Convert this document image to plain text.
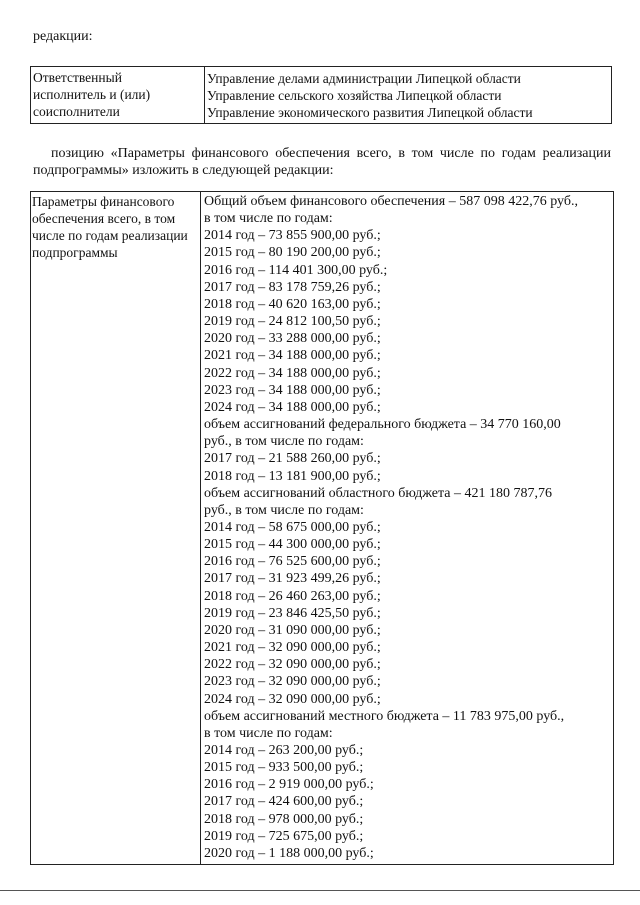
редакции:
Ответственный
исполнитель и (или)
соисполнители
Управление делами администрации Липецкой области
Управление сельского хозяйства Липецкой области
Управление экономического развития Липецкой области
позицию «Параметры финансового обеспечения всего, в том числе по годам реализации подпрограммы» изложить в следующей редакции:
Параметры финансового
обеспечения всего, в том
числе по годам реализации
подпрограммы
Общий объем финансового обеспечения – 587 098 422,76 руб.,
в том числе по годам:
2014 год – 73 855 900,00 руб.;
2015 год – 80 190 200,00 руб.;
2016 год – 114 401 300,00 руб.;
2017 год – 83 178 759,26 руб.;
2018 год – 40 620 163,00 руб.;
2019 год – 24 812 100,50 руб.;
2020 год – 33 288 000,00 руб.;
2021 год – 34 188 000,00 руб.;
2022 год – 34 188 000,00 руб.;
2023 год – 34 188 000,00 руб.;
2024 год – 34 188 000,00 руб.;
объем ассигнований федерального бюджета – 34 770 160,00
руб., в том числе по годам:
2017 год – 21 588 260,00 руб.;
2018 год – 13 181 900,00 руб.;
объем ассигнований областного бюджета – 421 180 787,76
руб., в том числе по годам:
2014 год – 58 675 000,00 руб.;
2015 год – 44 300 000,00 руб.;
2016 год – 76 525 600,00 руб.;
2017 год – 31 923 499,26 руб.;
2018 год – 26 460 263,00 руб.;
2019 год – 23 846 425,50 руб.;
2020 год – 31 090 000,00 руб.;
2021 год – 32 090 000,00 руб.;
2022 год – 32 090 000,00 руб.;
2023 год – 32 090 000,00 руб.;
2024 год – 32 090 000,00 руб.;
объем ассигнований местного бюджета – 11 783 975,00 руб.,
в том числе по годам:
2014 год – 263 200,00 руб.;
2015 год – 933 500,00 руб.;
2016 год – 2 919 000,00 руб.;
2017 год – 424 600,00 руб.;
2018 год – 978 000,00 руб.;
2019 год – 725 675,00 руб.;
2020 год – 1 188 000,00 руб.;
